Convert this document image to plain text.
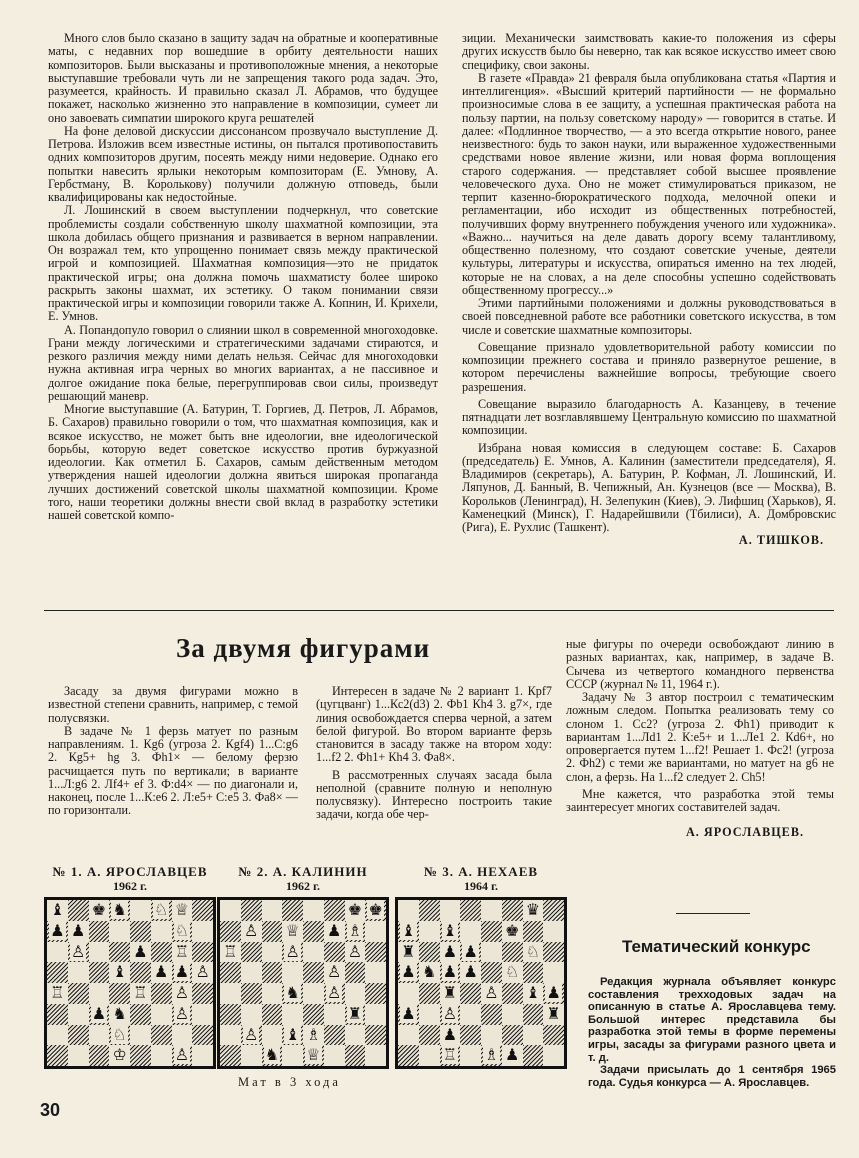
Много слов было сказано в защиту задач на обратные и кооперативные маты, с недавних пор вошедшие в орбиту деятельности наших композиторов. Были высказаны и противоположные мнения, а некоторые выступавшие требовали чуть ли не запрещения такого рода задач. Это, разумеется, крайность. И правильно сказал Л. Абрамов, что будущее покажет, насколько жизненно это направление в композиции, сумеет ли оно завоевать симпатии широкого круга решателей

На фоне деловой дискуссии диссонансом прозвучало выступление Д. Петрова. Изложив всем известные истины, он пытался противопоставить одних композиторов другим, посеять между ними недоверие. Однако его попытки навесить ярлыки некоторым композиторам (Е. Умнову, А. Гербстману, В. Корольковy) получили должную отповедь, были квалифицированы как недостойные.

Л. Лошинский в своем выступлении подчеркнул, что советские проблемисты создали собственную школу шахматной композиции, эта школа добилась общего признания и развивается в верном направлении. Он возражал тем, кто упрощенно понимает связь между практической игрой и композицией. Шахматная композиция—это не придаток практической игры; она должна помочь шахматисту более широко раскрыть законы шахмат, их эстетику. О таком понимании связи практической игры и композиции говорили также А. Копнин, И. Крихели, Е. Умнов.

А. Попандопуло говорил о слиянии школ в современной многоходовке. Грани между логическими и стратегическими задачами стираются, и резкого различия между ними делать нельзя. Сейчас для многоходовки нужна активная игра черных во многих вариантах, а не пассивное и долгое ожидание пока белые, перегруппировав свои силы, произведут решающий маневр.

Многие выступавшие (А. Батурин, Т. Горгиев, Д. Петров, Л. Абрамов, Б. Сахаров) правильно говорили о том, что шахматная композиция, как и всякое искусство, не может быть вне идеологии, вне идеологической борьбы, которую ведет советское искусство против буржуазной идеологии. Как отметил Б. Сахаров, самым действенным методом утверждения нашей идеологии должна явиться широкая пропаганда лучших достижений советской школы шахматной композиции. Кроме того, наши теоретики должны внести свой вклад в разработку эстетики нашей советской компо-

зиции. Механически заимствовать какие-то положения из сферы других искусств было бы неверно, так как всякое искусство имеет свою специфику, свои законы.

В газете «Правда» 21 февраля была опубликована статья «Партия и интеллигенция». «Высший критерий партийности — не формально произносимые слова в ее защиту, а успешная практическая работа на пользу партии, на пользу советскому народу» — говорится в статье. И далее: «Подлинное творчество, — а это всегда открытие нового, ранее неизвестного: будь то закон науки, или выраженное художественными средствами новое явление жизни, или новая форма воплощения старого содержания. — представляет собой высшее проявление человеческого духа. Оно не может стимулироваться приказом, не терпит казенно-бюрократического подхода, мелочной опеки и регламентации, ибо исходит из общественных потребностей, получивших форму внутреннего побуждения ученого или художника». «Важно... научиться на деле давать дорогу всему талантливому, общественно полезному, что создают советские ученые, деятели культуры, литературы и искусства, опираться именно на тех людей, которые не на словах, а на деле способны успешно содействовать общественному прогрессу...»

Этими партийными положениями и должны руководствоваться в своей повседневной работе все работники советского искусства, в том числе и советские шахматные композиторы.

Совещание признало удовлетворительной работу комиссии по композиции прежнего состава и приняло развернутое решение, в котором перечислены важнейшие вопросы, требующие своего разрешения.

Совещание выразило благодарность А. Казанцеву, в течение пятнадцати лет возглавлявшему Центральную комиссию по шахматной композиции.

Избрана новая комиссия в следующем составе: Б. Сахаров (председатель) Е. Умнов, А. Калинин (заместители председателя), Я. Владимиров (секретарь), А. Батурин, Р. Кофман, Л. Лошинский, И. Ляпунов, Д. Банный, В. Чепижный, Ан. Кузнецов (все — Москва), В. Корольков (Ленинград), Н. Зелепукин (Киев), Э. Лифшиц (Харьков), Я. Каменецкий (Минск), Г. Надарейшвили (Тбилиси), А. Домбровскис (Рига), Е. Рухлис (Ташкент).

А. ТИШКОВ.

За двумя фигурами

Засаду за двумя фигурами можно в известной степени сравнить, например, с темой полусвязки.

В задаче № 1 ферзь матует по разным направлениям. 1. Кg6 (угроза 2. Кgf4) 1...С:g6 2. Кg5+ hg 3. Фh1× — белому ферзю расчищается путь по вертикали; в варианте 1...Л:g6 2. Лf4+ ef 3. Ф:d4× — по диагонали и, наконец, после 1...К:е6 2. Л:е5+ С:е5 3. Фа8× — по горизонтали.

Интересен в задаче № 2 вариант 1. Кpf7 (цугцванг) 1...Кс2(d3) 2. Фb1 Кh4 3. g7×, где линия освобождается сперва черной, а затем белой фигурой. Во втором варианте ферзь становится в засаду также на втором ходу: 1...f2 2. Фh1+ Кh4 3. Фа8×.

В рассмотренных случаях засада была неполной (сравните полную и неполную полусвязку). Интересно построить такие задачи, когда обе чер-

ные фигуры по очереди освобождают линию в разных вариантах, как, например, в задаче В. Сычева из четвертого командного первенства СССР (журнал № 11, 1964 г.).

Задачу № 3 автор построил с тематическим ложным следом. Попытка реализовать тему со слоном 1. Сс2? (угроза 2. Фh1) приводит к вариантам 1...Лd1 2. К:е5+ и 1...Ле1 2. Кd6+, но опровергается путем 1...f2! Решает 1. Фс2! (угроза 2. Фh2) с теми же вариантами, но матует на g6 не слон, а ферзь. На 1...f2 следует 2. Сh5!

Мне кажется, что разработка этой темы заинтересует многих составителей задач.

А. ЯРОСЛАВЦЕВ.
№ 1. А. ЯРОСЛАВЦЕВ
1962 г.
♝ ♚ ♞ ♘ ♕
♟ ♟	♘
♙	♟ ♖
♝ ♟ ♟ ♙
♖	♖ ♙
♟ ♞	♙
♘
♔	♙
№ 2. А. КАЛИНИН
1962 г.
♚ ♚
♙ ♕ ♟ ♗
♖	♙	♙
♙
♞ ♙
♜
♙ ♝ ♗
♞ ♕
№ 3. А. НЕХАЕВ
1964 г.
♛
♝ ♝	♚
♜ ♟ ♟	♘
♟ ♞ ♟ ♟ ♘
♜ ♙ ♝ ♟
♟ ♙	♜
♟
♖ ♗ ♟
Мат в 3 хода
30
Тематический конкурс

Редакция журнала объявляет конкурс составления трехходовых задач на описанную в статье А. Ярославцева тему. Большой интерес представила бы разработка этой темы в форме перемены игры, засады за фигурами разного цвета и т. д.

Задачи присылать до 1 сентября 1965 года. Судья конкурса — А. Ярославцев.
